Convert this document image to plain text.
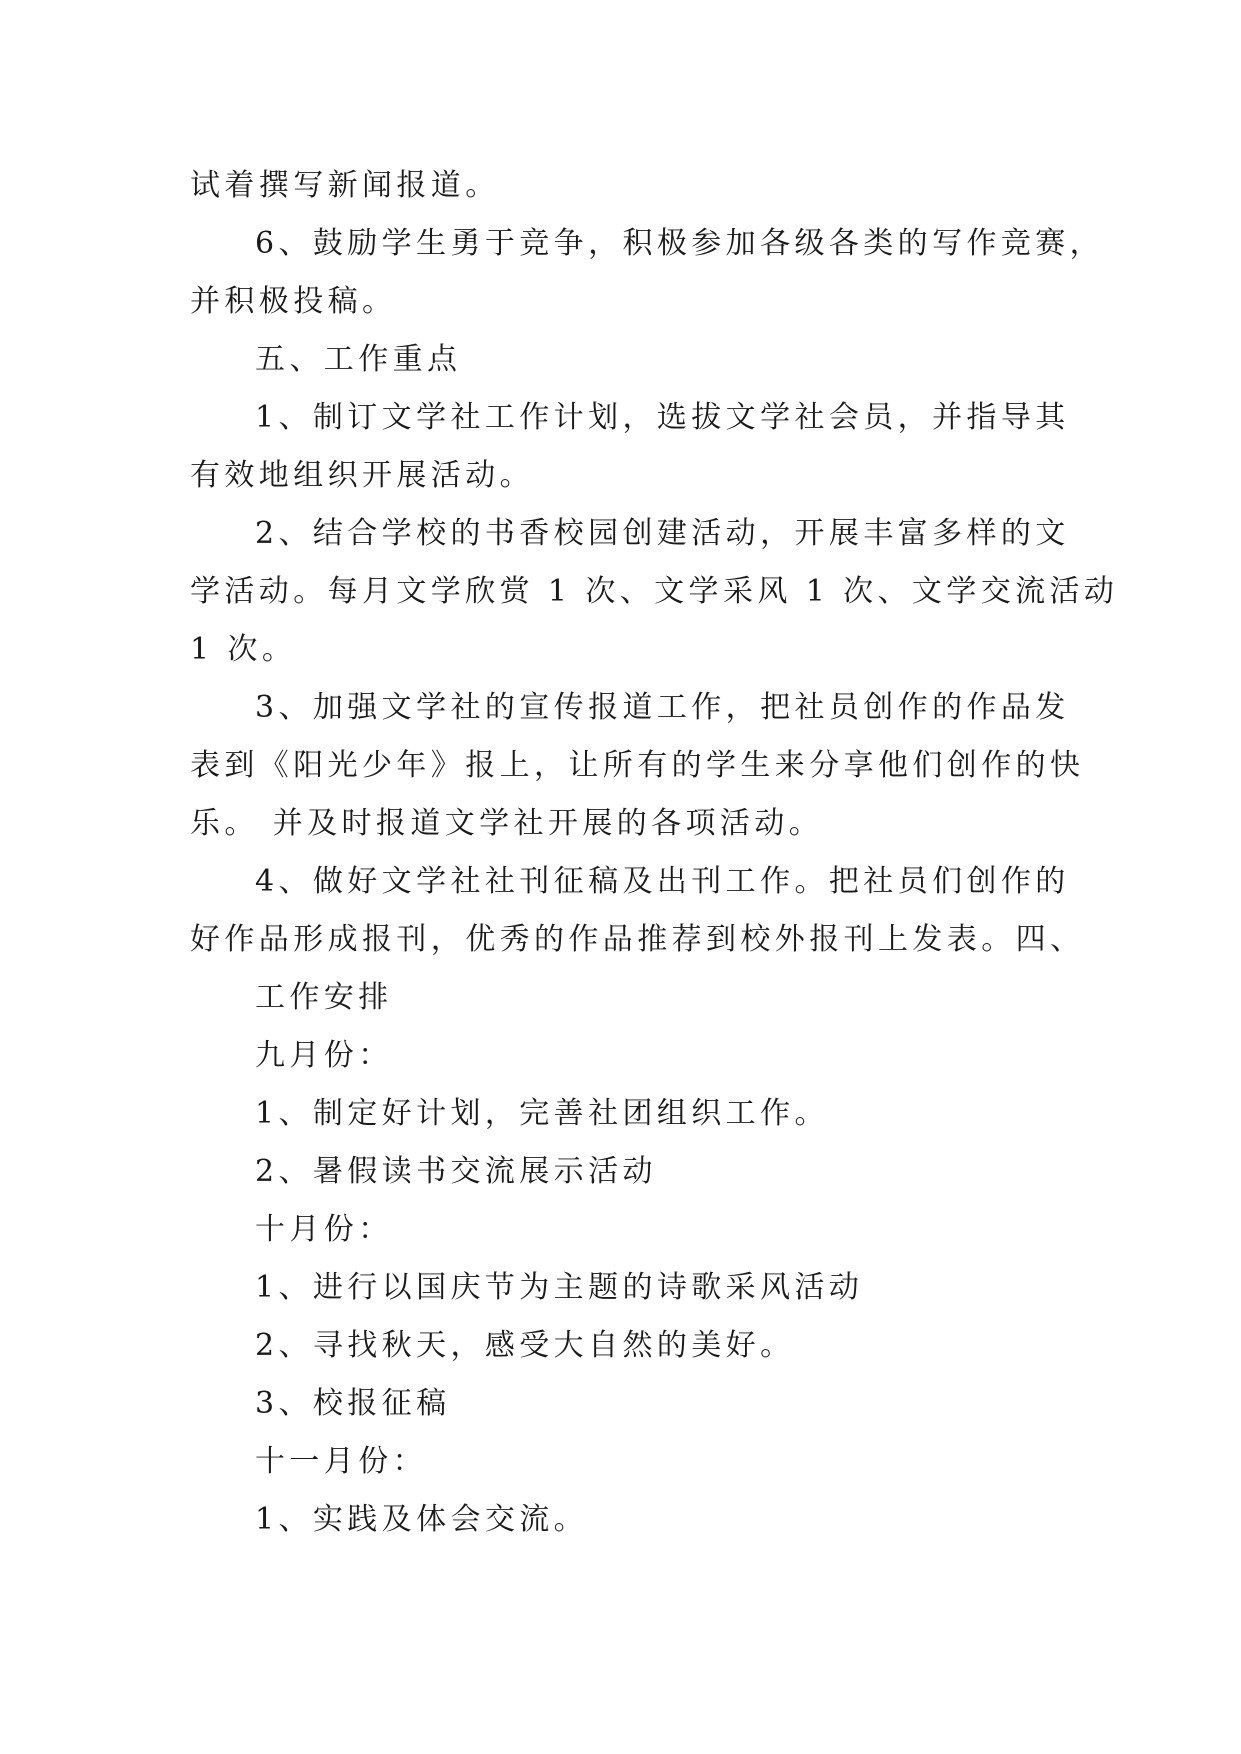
试着撰写新闻报道。
6、鼓励学生勇于竞争，积极参加各级各类的写作竞赛，
并积极投稿。
五、工作重点
1、制订文学社工作计划，选拔文学社会员，并指导其
有效地组织开展活动。
2、结合学校的书香校园创建活动，开展丰富多样的文
学活动。每月文学欣赏 1 次、文学采风 1 次、文学交流活动
1 次。
3、加强文学社的宣传报道工作，把社员创作的作品发
表到《阳光少年》报上，让所有的学生来分享他们创作的快
乐。 并及时报道文学社开展的各项活动。
4、做好文学社社刊征稿及出刊工作。把社员们创作的
好作品形成报刊，优秀的作品推荐到校外报刊上发表。四、
工作安排
九月份：
1、制定好计划，完善社团组织工作。
2、暑假读书交流展示活动
十月份：
1、进行以国庆节为主题的诗歌采风活动
2、寻找秋天，感受大自然的美好。
3、校报征稿
十一月份：
1、实践及体会交流。
